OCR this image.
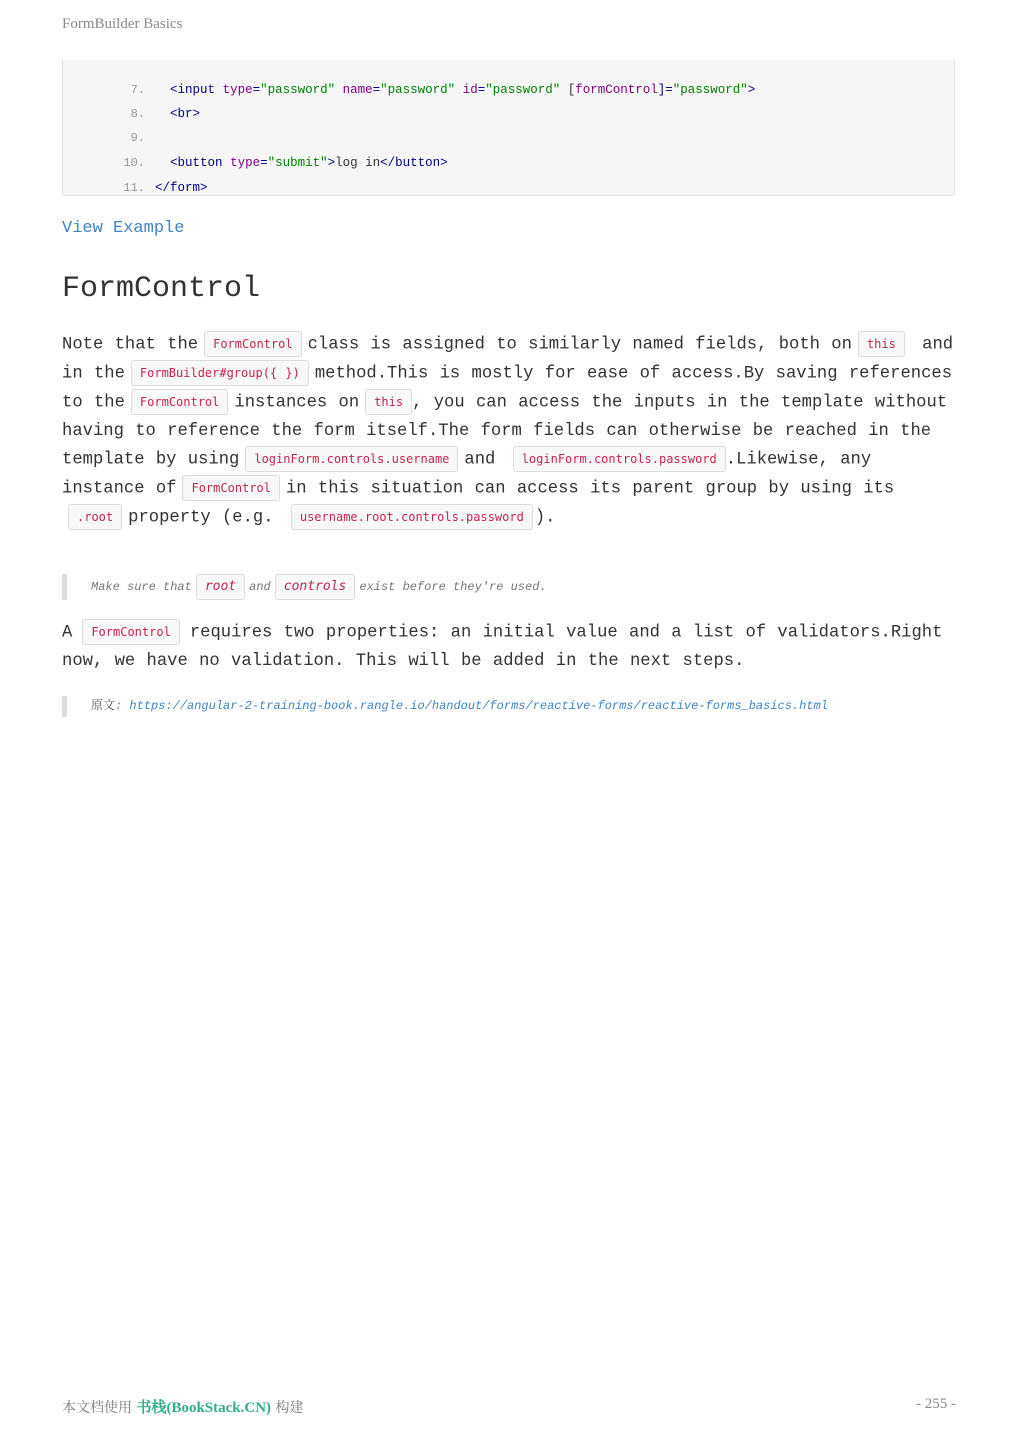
FormBuilder Basics

7.  <input type="password" name="password" id="password" [formControl]="password">

8.  <br>

9.

10.  <button type="submit">log in</button>

11. </form>

View Example
FormControl

Note that the FormControl class is assigned to similarly named fields, both on this and in the FormBuilder#group({ }) method.This is mostly for ease of access.By saving references to the FormControl instances on this , you can access the inputs in the template without having to reference the form itself.The form fields can otherwise be reached in the template by using loginForm.controls.username and loginForm.controls.password .Likewise, any instance of FormControl in this situation can access its parent group by using its.root property (e.g. username.root.controls.password ).

Make sure that root and controls exist before they're used.

A FormControl requires two properties: an initial value and a list of validators.Right now, we have no validation. This will be added in the next steps.

原文: https://angular-2-training-book.rangle.io/handout/forms/reactive-forms/reactive-forms_basics.html
本文档使用 书栈(BookStack.CN) 构建	- 255 -
